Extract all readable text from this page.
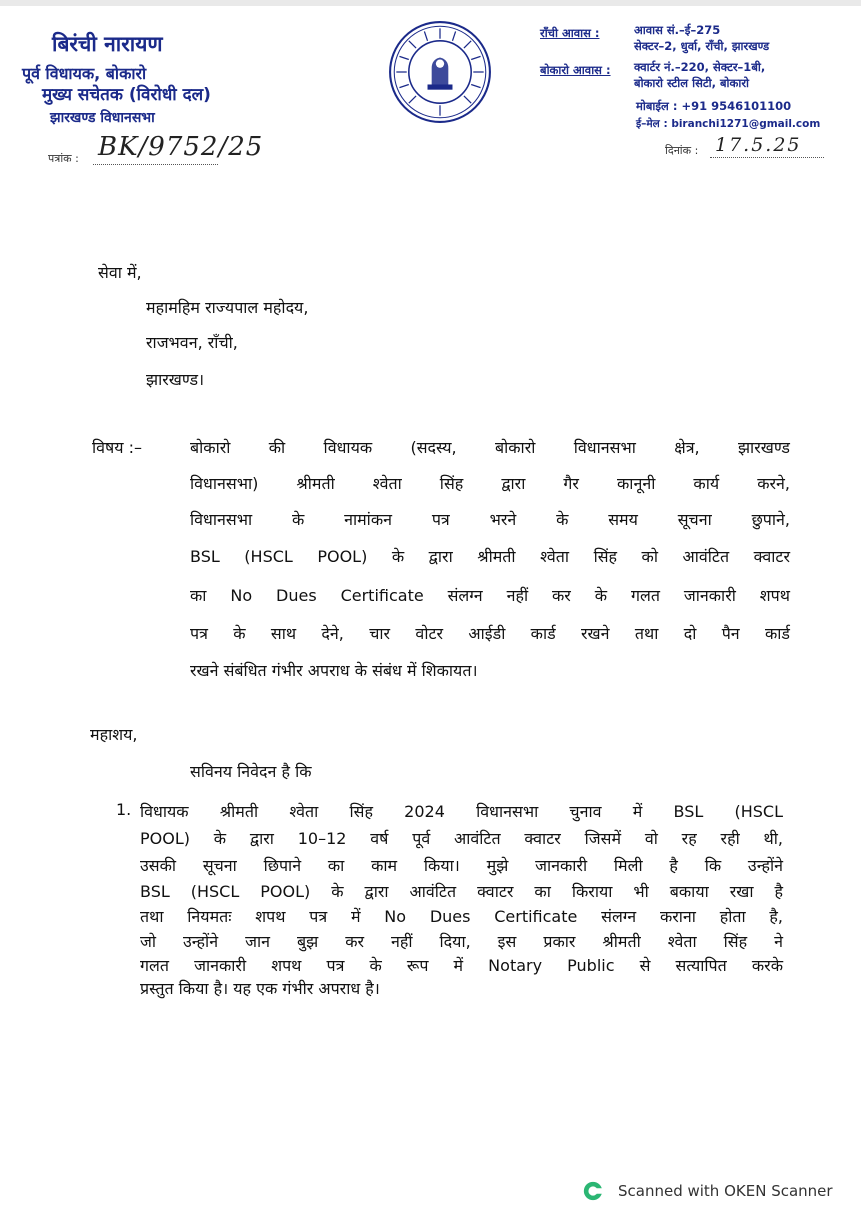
बिरंची नारायण
पूर्व विधायक, बोकारो
मुख्य सचेतक (विरोधी दल)
झारखण्ड विधानसभा
पत्रांक : BK/9752/25
राँची आवास :	आवास सं.–ई–275
सेक्टर–2, धुर्वा, राँची, झारखण्ड
बोकारो आवास : क्वार्टर नं.–220, सेक्टर–1बी,
बोकारो स्टील सिटी, बोकारो
मोबाईल : +91 9546101100
ई–मेल : biranchi1271@gmail.com
दिनांक : 17.5.25
सेवा में,
महामहिम राज्यपाल महोदय,
राजभवन, राँची,
झारखण्ड।
विषय :–	बोकारो की विधायक (सदस्य, बोकारो विधानसभा क्षेत्र, झारखण्ड
विधानसभा) श्रीमती श्वेता सिंह द्वारा गैर कानूनी कार्य करने,
विधानसभा के नामांकन पत्र भरने के समय सूचना छुपाने,
BSL (HSCL POOL) के द्वारा श्रीमती श्वेता सिंह को आवंटित क्वाटर
का No Dues Certificate संलग्न नहीं कर के गलत जानकारी शपथ
पत्र के साथ देने, चार वोटर आईडी कार्ड रखने तथा दो पैन कार्ड
रखने संबंधित गंभीर अपराध के संबंध में शिकायत।
महाशय,
सविनय निवेदन है कि
1. विधायक श्रीमती श्वेता सिंह 2024 विधानसभा चुनाव में BSL (HSCL
POOL) के द्वारा 10–12 वर्ष पूर्व आवंटित क्वाटर जिसमें वो रह रही थी,
उसकी सूचना छिपाने का काम किया। मुझे जानकारी मिली है कि उन्होंने
BSL (HSCL POOL) के द्वारा आवंटित क्वाटर का किराया भी बकाया रखा है
तथा नियमतः शपथ पत्र में No Dues Certificate संलग्न कराना होता है,
जो उन्होंने जान बुझ कर नहीं दिया, इस प्रकार श्रीमती श्वेता सिंह ने
गलत जानकारी शपथ पत्र के रूप में Notary Public से सत्यापित करके
प्रस्तुत किया है। यह एक गंभीर अपराध है।
Scanned with OKEN Scanner
